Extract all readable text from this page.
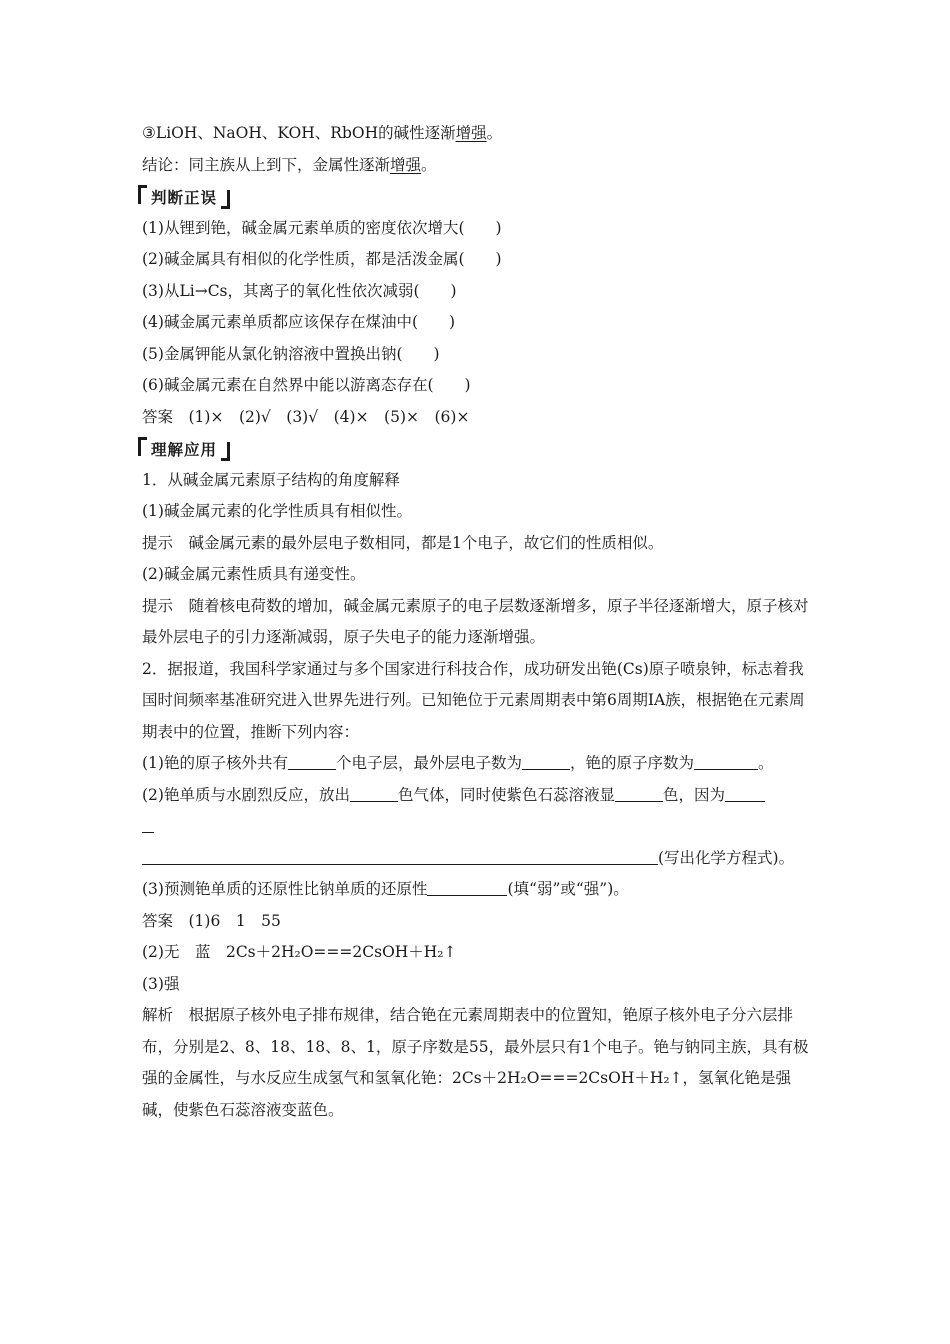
③LiOH、NaOH、KOH、RbOH的碱性逐渐增强。
结论：同主族从上到下，金属性逐渐增强。
判断正误
(1)从锂到铯，碱金属元素单质的密度依次增大(　　)
(2)碱金属具有相似的化学性质，都是活泼金属(　　)
(3)从Li→Cs，其离子的氧化性依次减弱(　　)
(4)碱金属元素单质都应该保存在煤油中(　　)
(5)金属钾能从氯化钠溶液中置换出钠(　　)
(6)碱金属元素在自然界中能以游离态存在(　　)
答案　(1)×　(2)√　(3)√　(4)×　(5)×　(6)×
理解应用
1．从碱金属元素原子结构的角度解释
(1)碱金属元素的化学性质具有相似性。
提示　碱金属元素的最外层电子数相同，都是1个电子，故它们的性质相似。
(2)碱金属元素性质具有递变性。
提示　随着核电荷数的增加，碱金属元素原子的电子层数逐渐增多，原子半径逐渐增大，原子核对最外层电子的引力逐渐减弱，原子失电子的能力逐渐增强。
2．据报道，我国科学家通过与多个国家进行科技合作，成功研发出铯(Cs)原子喷泉钟，标志着我国时间频率基准研究进入世界先进行列。已知铯位于元素周期表中第6周期ⅠA族，根据铯在元素周期表中的位置，推断下列内容：
(1)铯的原子核外共有	个电子层，最外层电子数为	，铯的原子序数为	。
(2)铯单质与水剧烈反应，放出	色气体，同时使紫色石蕊溶液显	色，因为
(写出化学方程式)。
(3)预测铯单质的还原性比钠单质的还原性	(填“弱”或“强”)。
答案　(1)6　1　55
(2)无　蓝　2Cs＋2H₂O===2CsOH＋H₂↑
(3)强
解析　根据原子核外电子排布规律，结合铯在元素周期表中的位置知，铯原子核外电子分六层排布，分别是2、8、18、18、8、1，原子序数是55，最外层只有1个电子。铯与钠同主族，具有极强的金属性，与水反应生成氢气和氢氧化铯：2Cs＋2H₂O===2CsOH＋H₂↑，氢氧化铯是强碱，使紫色石蕊溶液变蓝色。
